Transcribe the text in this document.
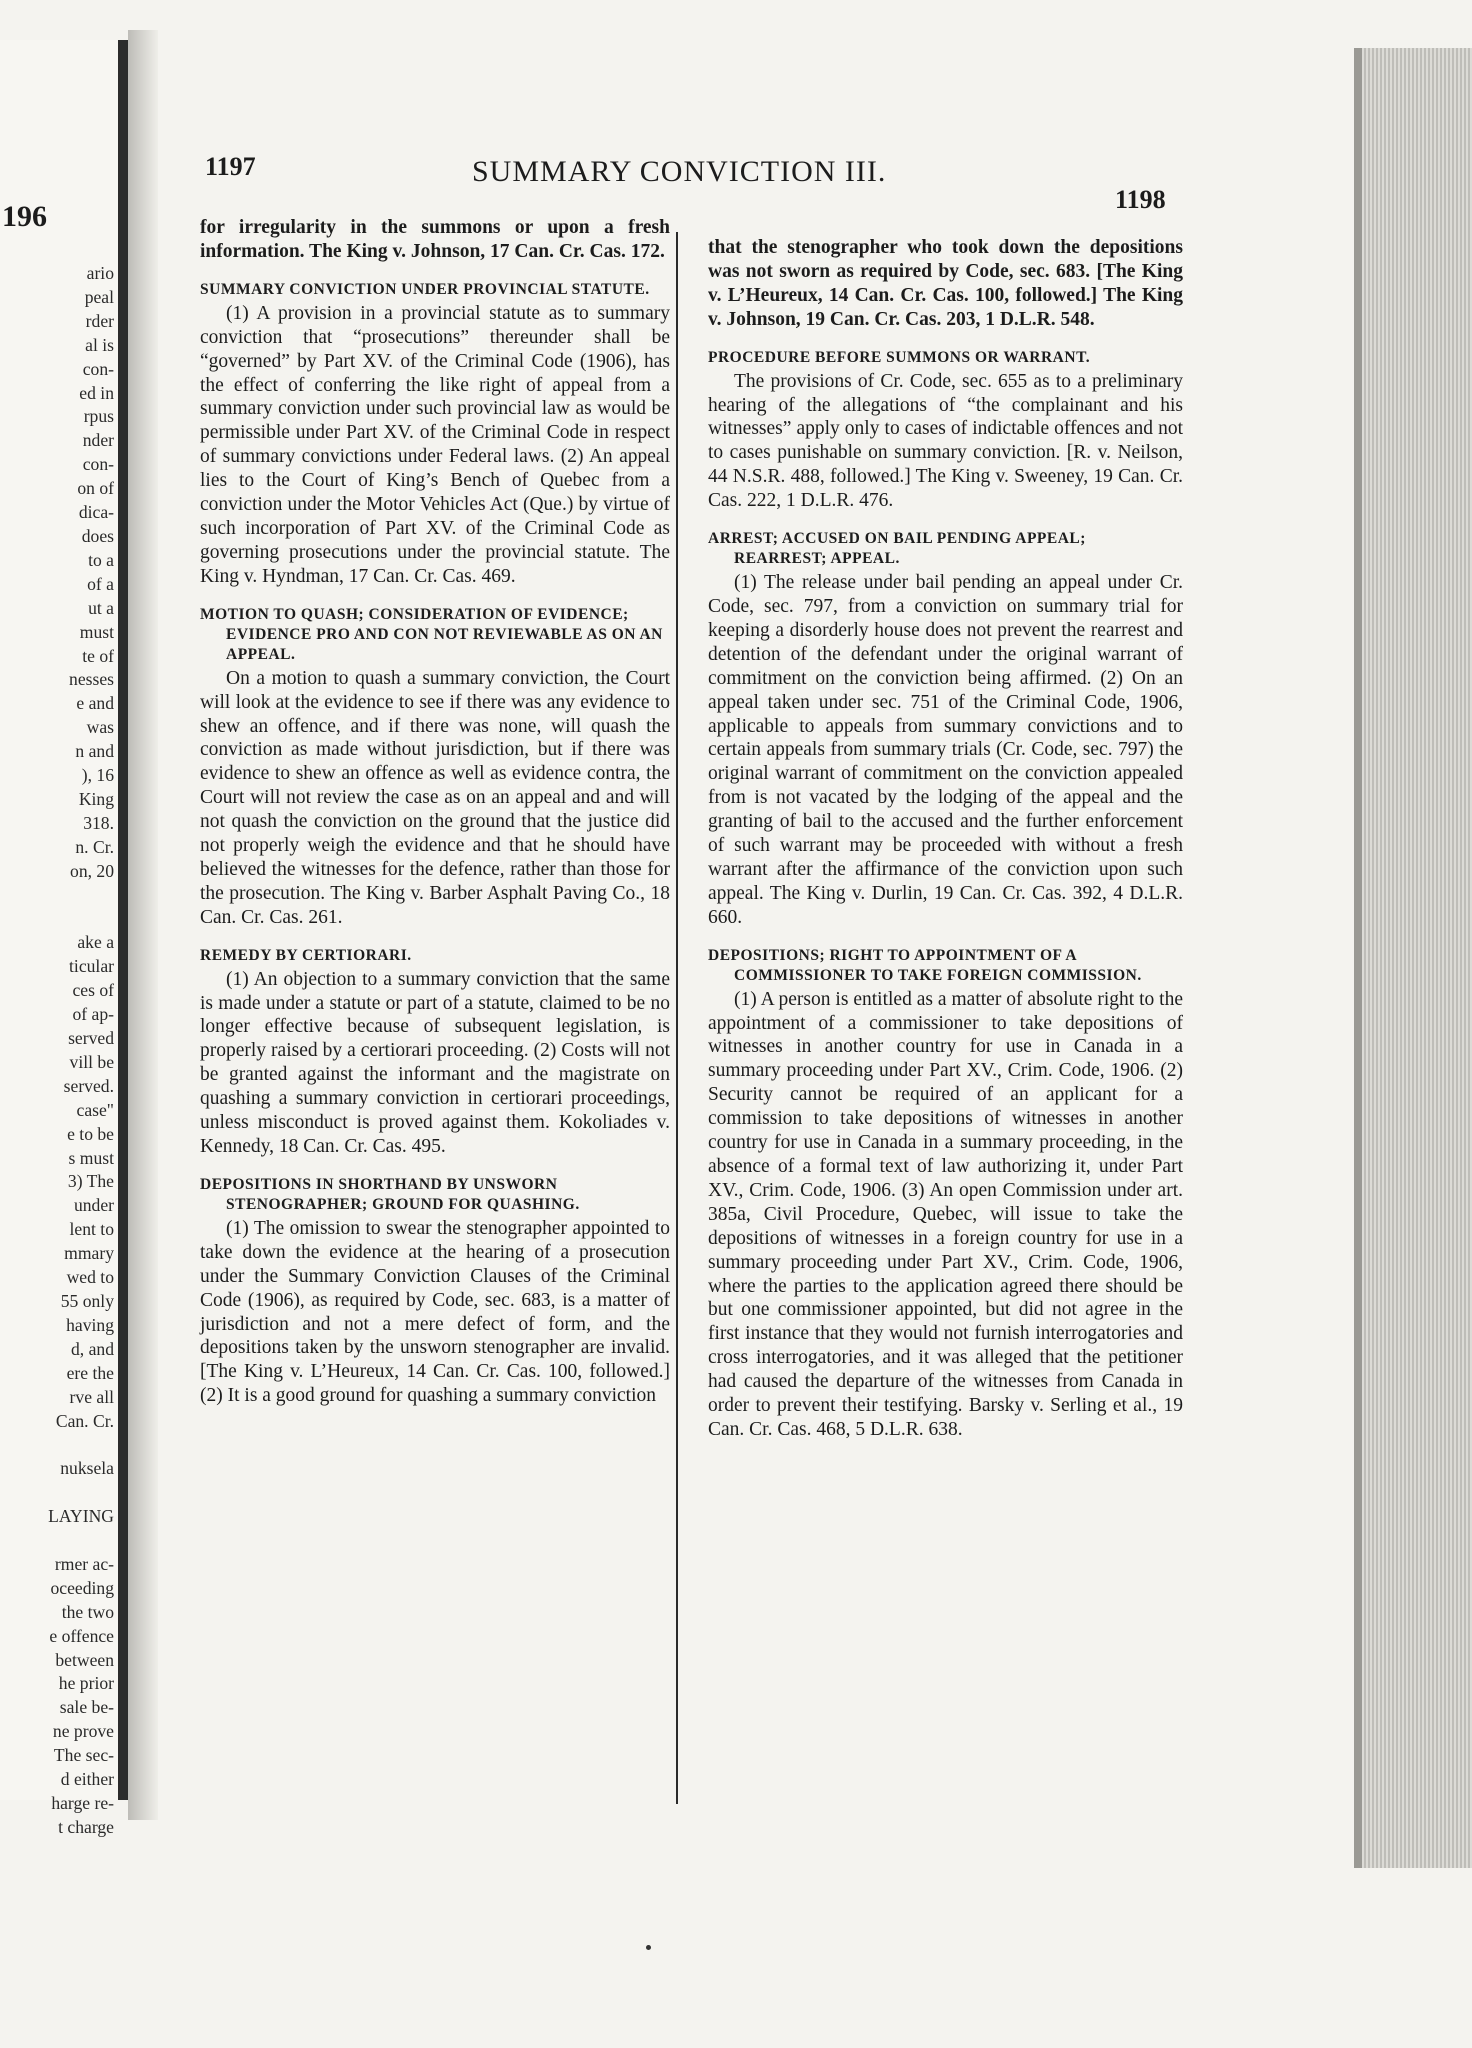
196
ario
peal
rder
al is
con-
ed in
rpus
nder
con-
on of
dica-
does
to a
of a
ut a
must
te of
nesses
e and
was
n and
), 16
King
318.
n. Cr.
on, 20

ake a
ticular
ces of
of ap-
served
vill be
served.
case"
e to be
s must
3) The
under
lent to
mmary
wed to
55 only
having
d, and
ere the
rve all
Can. Cr.

nuksela

LAYING

rmer ac-
oceeding
the two
e offence
between
he prior
sale be-
ne prove
The sec-
d either
harge re-
t charge
1197	SUMMARY CONVICTION III.
1198

for irregularity in the summons or upon a fresh information. The King v. Johnson, 17 Can. Cr. Cas. 172.

SUMMARY CONVICTION UNDER PROVINCIAL STATUTE.

(1) A provision in a provincial statute as to summary conviction that “prosecutions” thereunder shall be “governed” by Part XV. of the Criminal Code (1906), has the effect of conferring the like right of appeal from a summary conviction under such provincial law as would be permissible under Part XV. of the Criminal Code in respect of summary convictions under Federal laws. (2) An appeal lies to the Court of King’s Bench of Quebec from a conviction under the Motor Vehicles Act (Que.) by virtue of such incorporation of Part XV. of the Criminal Code as governing prosecutions under the provincial statute. The King v. Hyndman, 17 Can. Cr. Cas. 469.

MOTION TO QUASH; CONSIDERATION OF EVIDENCE; EVIDENCE PRO AND CON NOT REVIEWABLE AS ON AN APPEAL.

On a motion to quash a summary conviction, the Court will look at the evidence to see if there was any evidence to shew an offence, and if there was none, will quash the conviction as made without jurisdiction, but if there was evidence to shew an offence as well as evidence contra, the Court will not review the case as on an appeal and and will not quash the conviction on the ground that the justice did not properly weigh the evidence and that he should have believed the witnesses for the defence, rather than those for the prosecution. The King v. Barber Asphalt Paving Co., 18 Can. Cr. Cas. 261.

REMEDY BY CERTIORARI.

(1) An objection to a summary conviction that the same is made under a statute or part of a statute, claimed to be no longer effective because of subsequent legislation, is properly raised by a certiorari proceeding. (2) Costs will not be granted against the informant and the magistrate on quashing a summary conviction in certiorari proceedings, unless misconduct is proved against them. Kokoliades v. Kennedy, 18 Can. Cr. Cas. 495.

DEPOSITIONS IN SHORTHAND BY UNSWORN STENOGRAPHER; GROUND FOR QUASHING.

(1) The omission to swear the stenographer appointed to take down the evidence at the hearing of a prosecution under the Summary Conviction Clauses of the Criminal Code (1906), as required by Code, sec. 683, is a matter of jurisdiction and not a mere defect of form, and the depositions taken by the unsworn stenographer are invalid. [The King v. L’Heureux, 14 Can. Cr. Cas. 100, followed.] (2) It is a good ground for quashing a summary conviction

that the stenographer who took down the depositions was not sworn as required by Code, sec. 683. [The King v. L’Heureux, 14 Can. Cr. Cas. 100, followed.] The King v. Johnson, 19 Can. Cr. Cas. 203, 1 D.L.R. 548.

PROCEDURE BEFORE SUMMONS OR WARRANT.

The provisions of Cr. Code, sec. 655 as to a preliminary hearing of the allegations of “the complainant and his witnesses” apply only to cases of indictable offences and not to cases punishable on summary conviction. [R. v. Neilson, 44 N.S.R. 488, followed.] The King v. Sweeney, 19 Can. Cr. Cas. 222, 1 D.L.R. 476.

ARREST; ACCUSED ON BAIL PENDING APPEAL; REARREST; APPEAL.

(1) The release under bail pending an appeal under Cr. Code, sec. 797, from a conviction on summary trial for keeping a disorderly house does not prevent the rearrest and detention of the defendant under the original warrant of commitment on the conviction being affirmed. (2) On an appeal taken under sec. 751 of the Criminal Code, 1906, applicable to appeals from summary convictions and to certain appeals from summary trials (Cr. Code, sec. 797) the original warrant of commitment on the conviction appealed from is not vacated by the lodging of the appeal and the granting of bail to the accused and the further enforcement of such warrant may be proceeded with without a fresh warrant after the affirmance of the conviction upon such appeal. The King v. Durlin, 19 Can. Cr. Cas. 392, 4 D.L.R. 660.

DEPOSITIONS; RIGHT TO APPOINTMENT OF A COMMISSIONER TO TAKE FOREIGN COMMISSION.

(1) A person is entitled as a matter of absolute right to the appointment of a commissioner to take depositions of witnesses in another country for use in Canada in a summary proceeding under Part XV., Crim. Code, 1906. (2) Security cannot be required of an applicant for a commission to take depositions of witnesses in another country for use in Canada in a summary proceeding, in the absence of a formal text of law authorizing it, under Part XV., Crim. Code, 1906. (3) An open Commission under art. 385a, Civil Procedure, Quebec, will issue to take the depositions of witnesses in a foreign country for use in a summary proceeding under Part XV., Crim. Code, 1906, where the parties to the application agreed there should be but one commissioner appointed, but did not agree in the first instance that they would not furnish interrogatories and cross interrogatories, and it was alleged that the petitioner had caused the departure of the witnesses from Canada in order to prevent their testifying. Barsky v. Serling et al., 19 Can. Cr. Cas. 468, 5 D.L.R. 638.
